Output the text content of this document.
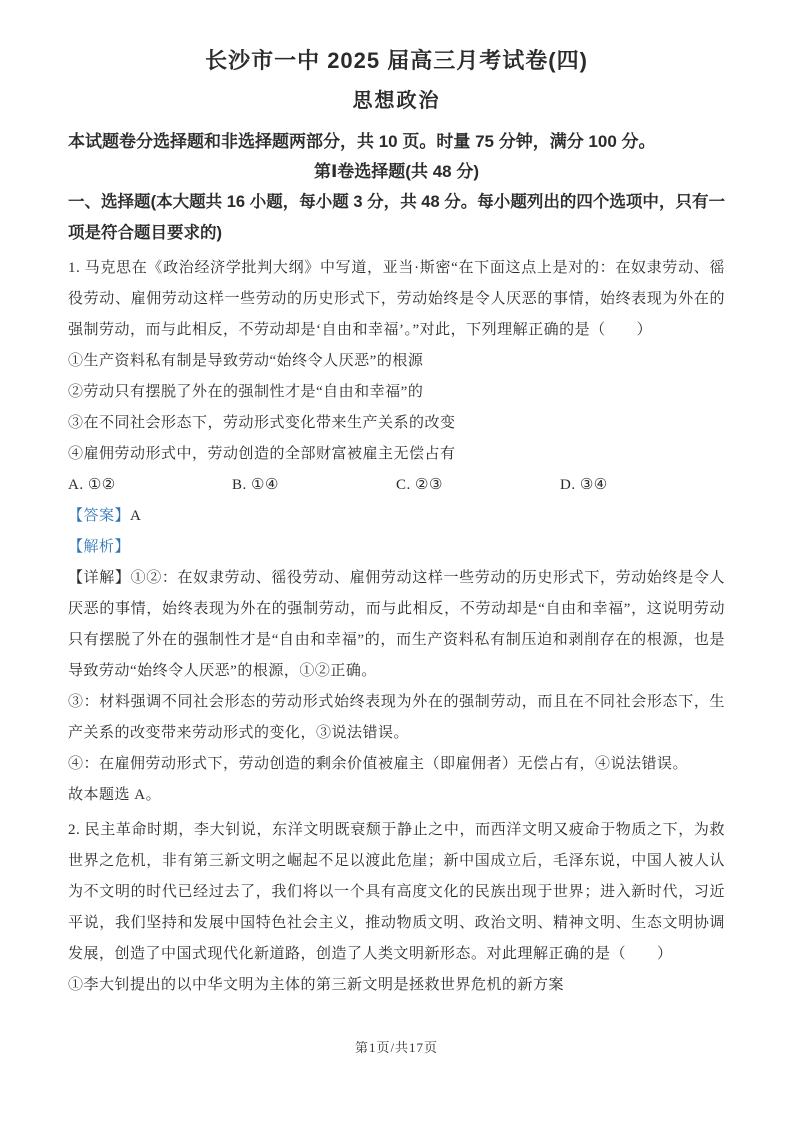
长沙市一中 2025 届高三月考试卷(四)
思想政治

本试题卷分选择题和非选择题两部分，共 10 页。时量 75 分钟，满分 100 分。

第Ⅰ卷选择题(共 48 分)

一、选择题(本大题共 16 小题，每小题 3 分，共 48 分。每小题列出的四个选项中，只有一项是符合题目要求的)

1. 马克思在《政治经济学批判大纲》中写道，亚当·斯密“在下面这点上是对的：在奴隶劳动、徭役劳动、雇佣劳动这样一些劳动的历史形式下，劳动始终是令人厌恶的事情，始终表现为外在的强制劳动，而与此相反，不劳动却是‘自由和幸福’。”对此，下列理解正确的是（　　）

①生产资料私有制是导致劳动“始终令人厌恶”的根源

②劳动只有摆脱了外在的强制性才是“自由和幸福”的

③在不同社会形态下，劳动形式变化带来生产关系的改变

④雇佣劳动形式中，劳动创造的全部财富被雇主无偿占有

A. ①②	B. ①④	C. ②③	D. ③④

【答案】A

【解析】

【详解】①②：在奴隶劳动、徭役劳动、雇佣劳动这样一些劳动的历史形式下，劳动始终是令人厌恶的事情，始终表现为外在的强制劳动，而与此相反，不劳动却是“自由和幸福”，这说明劳动只有摆脱了外在的强制性才是“自由和幸福”的，而生产资料私有制压迫和剥削存在的根源，也是导致劳动“始终令人厌恶”的根源，①②正确。

③：材料强调不同社会形态的劳动形式始终表现为外在的强制劳动，而且在不同社会形态下，生产关系的改变带来劳动形式的变化，③说法错误。

④：在雇佣劳动形式下，劳动创造的剩余价值被雇主（即雇佣者）无偿占有，④说法错误。

故本题选 A。

2. 民主革命时期，李大钊说，东洋文明既衰颓于静止之中，而西洋文明又疲命于物质之下，为救世界之危机，非有第三新文明之崛起不足以渡此危崖；新中国成立后，毛泽东说，中国人被人认为不文明的时代已经过去了，我们将以一个具有高度文化的民族出现于世界；进入新时代，习近平说，我们坚持和发展中国特色社会主义，推动物质文明、政治文明、精神文明、生态文明协调发展，创造了中国式现代化新道路，创造了人类文明新形态。对此理解正确的是（　　）

①李大钊提出的以中华文明为主体的第三新文明是拯救世界危机的新方案

第1页/共17页
